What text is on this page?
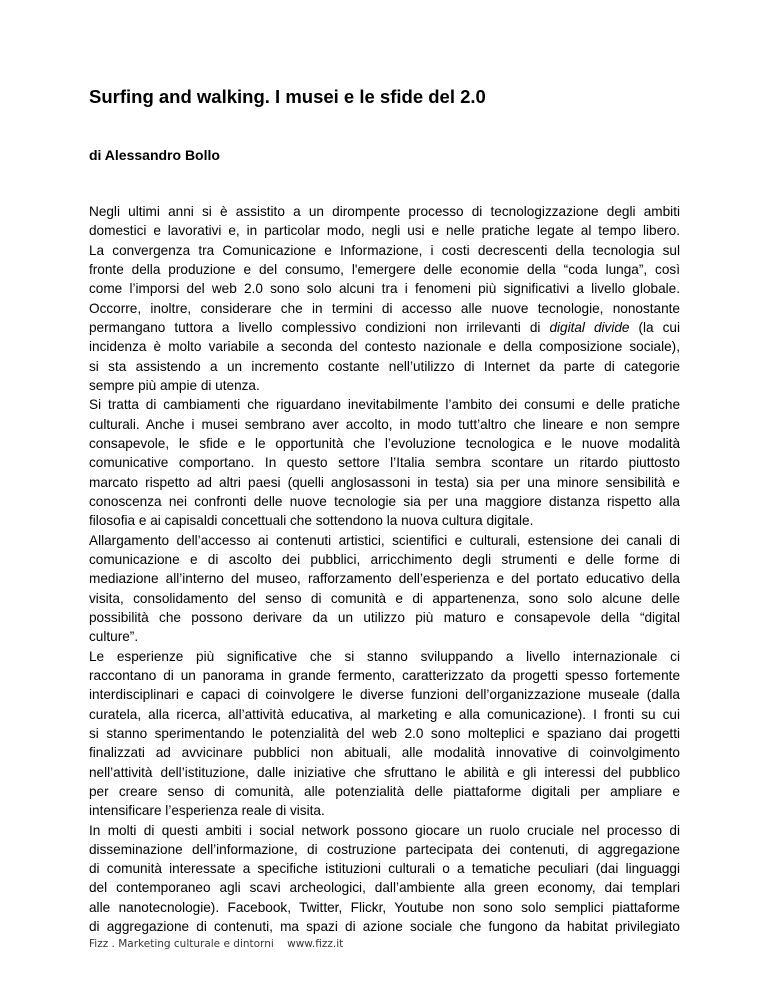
Surfing and walking. I musei e le sfide del 2.0
di Alessandro Bollo
Negli ultimi anni si è assistito a un dirompente processo di tecnologizzazione degli ambiti
domestici e lavorativi e, in particolar modo, negli usi e nelle pratiche legate al tempo libero.
La convergenza tra Comunicazione e Informazione, i costi decrescenti della tecnologia sul
fronte della produzione e del consumo, l'emergere delle economie della “coda lunga”, così
come l’imporsi del web 2.0 sono solo alcuni tra i fenomeni più significativi a livello globale.
Occorre, inoltre, considerare che in termini di accesso alle nuove tecnologie, nonostante
permangano tuttora a livello complessivo condizioni non irrilevanti di digital divide (la cui
incidenza è molto variabile a seconda del contesto nazionale e della composizione sociale),
si sta assistendo a un incremento costante nell’utilizzo di Internet da parte di categorie
sempre più ampie di utenza.
Si tratta di cambiamenti che riguardano inevitabilmente l’ambito dei consumi e delle pratiche
culturali. Anche i musei sembrano aver accolto, in modo tutt’altro che lineare e non sempre
consapevole, le sfide e le opportunità che l’evoluzione tecnologica e le nuove modalità
comunicative comportano. In questo settore l’Italia sembra scontare un ritardo piuttosto
marcato rispetto ad altri paesi (quelli anglosassoni in testa) sia per una minore sensibilità e
conoscenza nei confronti delle nuove tecnologie sia per una maggiore distanza rispetto alla
filosofia e ai capisaldi concettuali che sottendono la nuova cultura digitale.
Allargamento dell’accesso ai contenuti artistici, scientifici e culturali, estensione dei canali di
comunicazione e di ascolto dei pubblici, arricchimento degli strumenti e delle forme di
mediazione all’interno del museo, rafforzamento dell’esperienza e del portato educativo della
visita, consolidamento del senso di comunità e di appartenenza, sono solo alcune delle
possibilità che possono derivare da un utilizzo più maturo e consapevole della “digital
culture”.
Le esperienze più significative che si stanno sviluppando a livello internazionale ci
raccontano di un panorama in grande fermento, caratterizzato da progetti spesso fortemente
interdisciplinari e capaci di coinvolgere le diverse funzioni dell’organizzazione museale (dalla
curatela, alla ricerca, all’attività educativa, al marketing e alla comunicazione). I fronti su cui
si stanno sperimentando le potenzialità del web 2.0 sono molteplici e spaziano dai progetti
finalizzati ad avvicinare pubblici non abituali, alle modalità innovative di coinvolgimento
nell’attività dell’istituzione, dalle iniziative che sfruttano le abilità e gli interessi del pubblico
per creare senso di comunità, alle potenzialità delle piattaforme digitali per ampliare e
intensificare l’esperienza reale di visita.
In molti di questi ambiti i social network possono giocare un ruolo cruciale nel processo di
disseminazione dell’informazione, di costruzione partecipata dei contenuti, di aggregazione
di comunità interessate a specifiche istituzioni culturali o a tematiche peculiari (dai linguaggi
del contemporaneo agli scavi archeologici, dall’ambiente alla green economy, dai templari
alle nanotecnologie). Facebook, Twitter, Flickr, Youtube non sono solo semplici piattaforme
di aggregazione di contenuti, ma spazi di azione sociale che fungono da habitat privilegiato
Fizz . Marketing culturale e dintorni www.fizz.it
